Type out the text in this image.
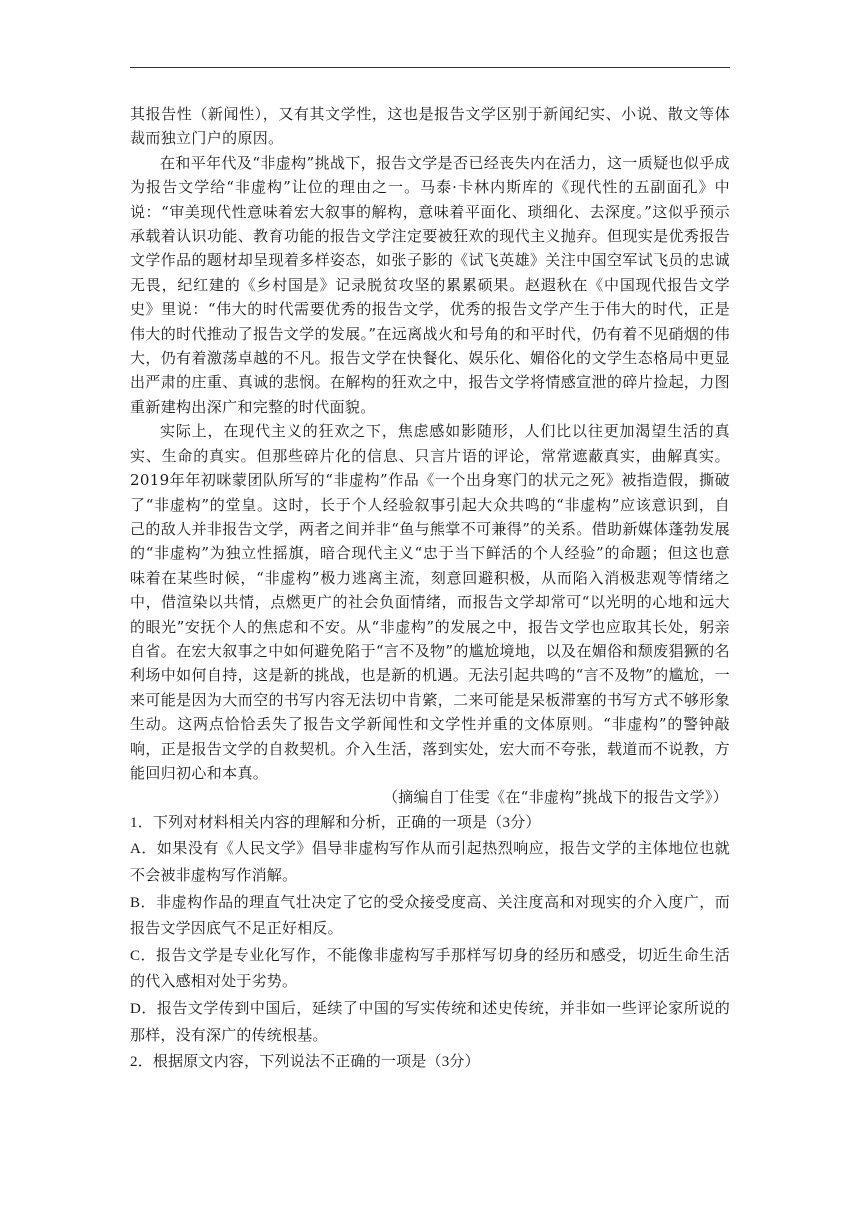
其报告性（新闻性），又有其文学性，这也是报告文学区别于新闻纪实、小说、散文等体裁而独立门户的原因。

在和平年代及“非虚构”挑战下，报告文学是否已经丧失内在活力，这一质疑也似乎成为报告文学给“非虚构”让位的理由之一。马泰·卡林内斯库的《现代性的五副面孔》中说：“审美现代性意味着宏大叙事的解构，意味着平面化、琐细化、去深度。”这似乎预示承载着认识功能、教育功能的报告文学注定要被狂欢的现代主义抛弃。但现实是优秀报告文学作品的题材却呈现着多样姿态，如张子影的《试飞英雄》关注中国空军试飞员的忠诚无畏，纪红建的《乡村国是》记录脱贫攻坚的累累硕果。赵遐秋在《中国现代报告文学史》里说：“伟大的时代需要优秀的报告文学，优秀的报告文学产生于伟大的时代，正是伟大的时代推动了报告文学的发展。”在远离战火和号角的和平时代，仍有着不见硝烟的伟大，仍有着激荡卓越的不凡。报告文学在快餐化、娱乐化、媚俗化的文学生态格局中更显出严肃的庄重、真诚的悲悯。在解构的狂欢之中，报告文学将情感宣泄的碎片捡起，力图重新建构出深广和完整的时代面貌。

实际上，在现代主义的狂欢之下，焦虑感如影随形，人们比以往更加渴望生活的真实、生命的真实。但那些碎片化的信息、只言片语的评论，常常遮蔽真实，曲解真实。2019年年初咪蒙团队所写的“非虚构”作品《一个出身寒门的状元之死》被指造假，撕破了“非虚构”的堂皇。这时，长于个人经验叙事引起大众共鸣的“非虚构”应该意识到，自己的敌人并非报告文学，两者之间并非“鱼与熊掌不可兼得”的关系。借助新媒体蓬勃发展的“非虚构”为独立性摇旗，暗合现代主义“忠于当下鲜活的个人经验”的命题；但这也意味着在某些时候，“非虚构”极力逃离主流，刻意回避积极，从而陷入消极悲观等情绪之中，借渲染以共情，点燃更广的社会负面情绪，而报告文学却常可“以光明的心地和远大的眼光”安抚个人的焦虑和不安。从“非虚构”的发展之中，报告文学也应取其长处，躬亲自省。在宏大叙事之中如何避免陷于“言不及物”的尴尬境地，以及在媚俗和颓废猖獗的名利场中如何自持，这是新的挑战，也是新的机遇。无法引起共鸣的“言不及物”的尴尬，一来可能是因为大而空的书写内容无法切中肯綮，二来可能是呆板滞塞的书写方式不够形象生动。这两点恰恰丢失了报告文学新闻性和文学性并重的文体原则。“非虚构”的警钟敲响，正是报告文学的自救契机。介入生活，落到实处，宏大而不夸张，载道而不说教，方能回归初心和本真。

（摘编自丁佳雯《在“非虚构”挑战下的报告文学》）

1．下列对材料相关内容的理解和分析，正确的一项是（3分）

A．如果没有《人民文学》倡导非虚构写作从而引起热烈响应，报告文学的主体地位也就不会被非虚构写作消解。

B．非虚构作品的理直气壮决定了它的受众接受度高、关注度高和对现实的介入度广，而报告文学因底气不足正好相反。

C．报告文学是专业化写作，不能像非虚构写手那样写切身的经历和感受，切近生命生活的代入感相对处于劣势。

D．报告文学传到中国后，延续了中国的写实传统和述史传统，并非如一些评论家所说的那样，没有深广的传统根基。

2．根据原文内容，下列说法不正确的一项是（3分）
